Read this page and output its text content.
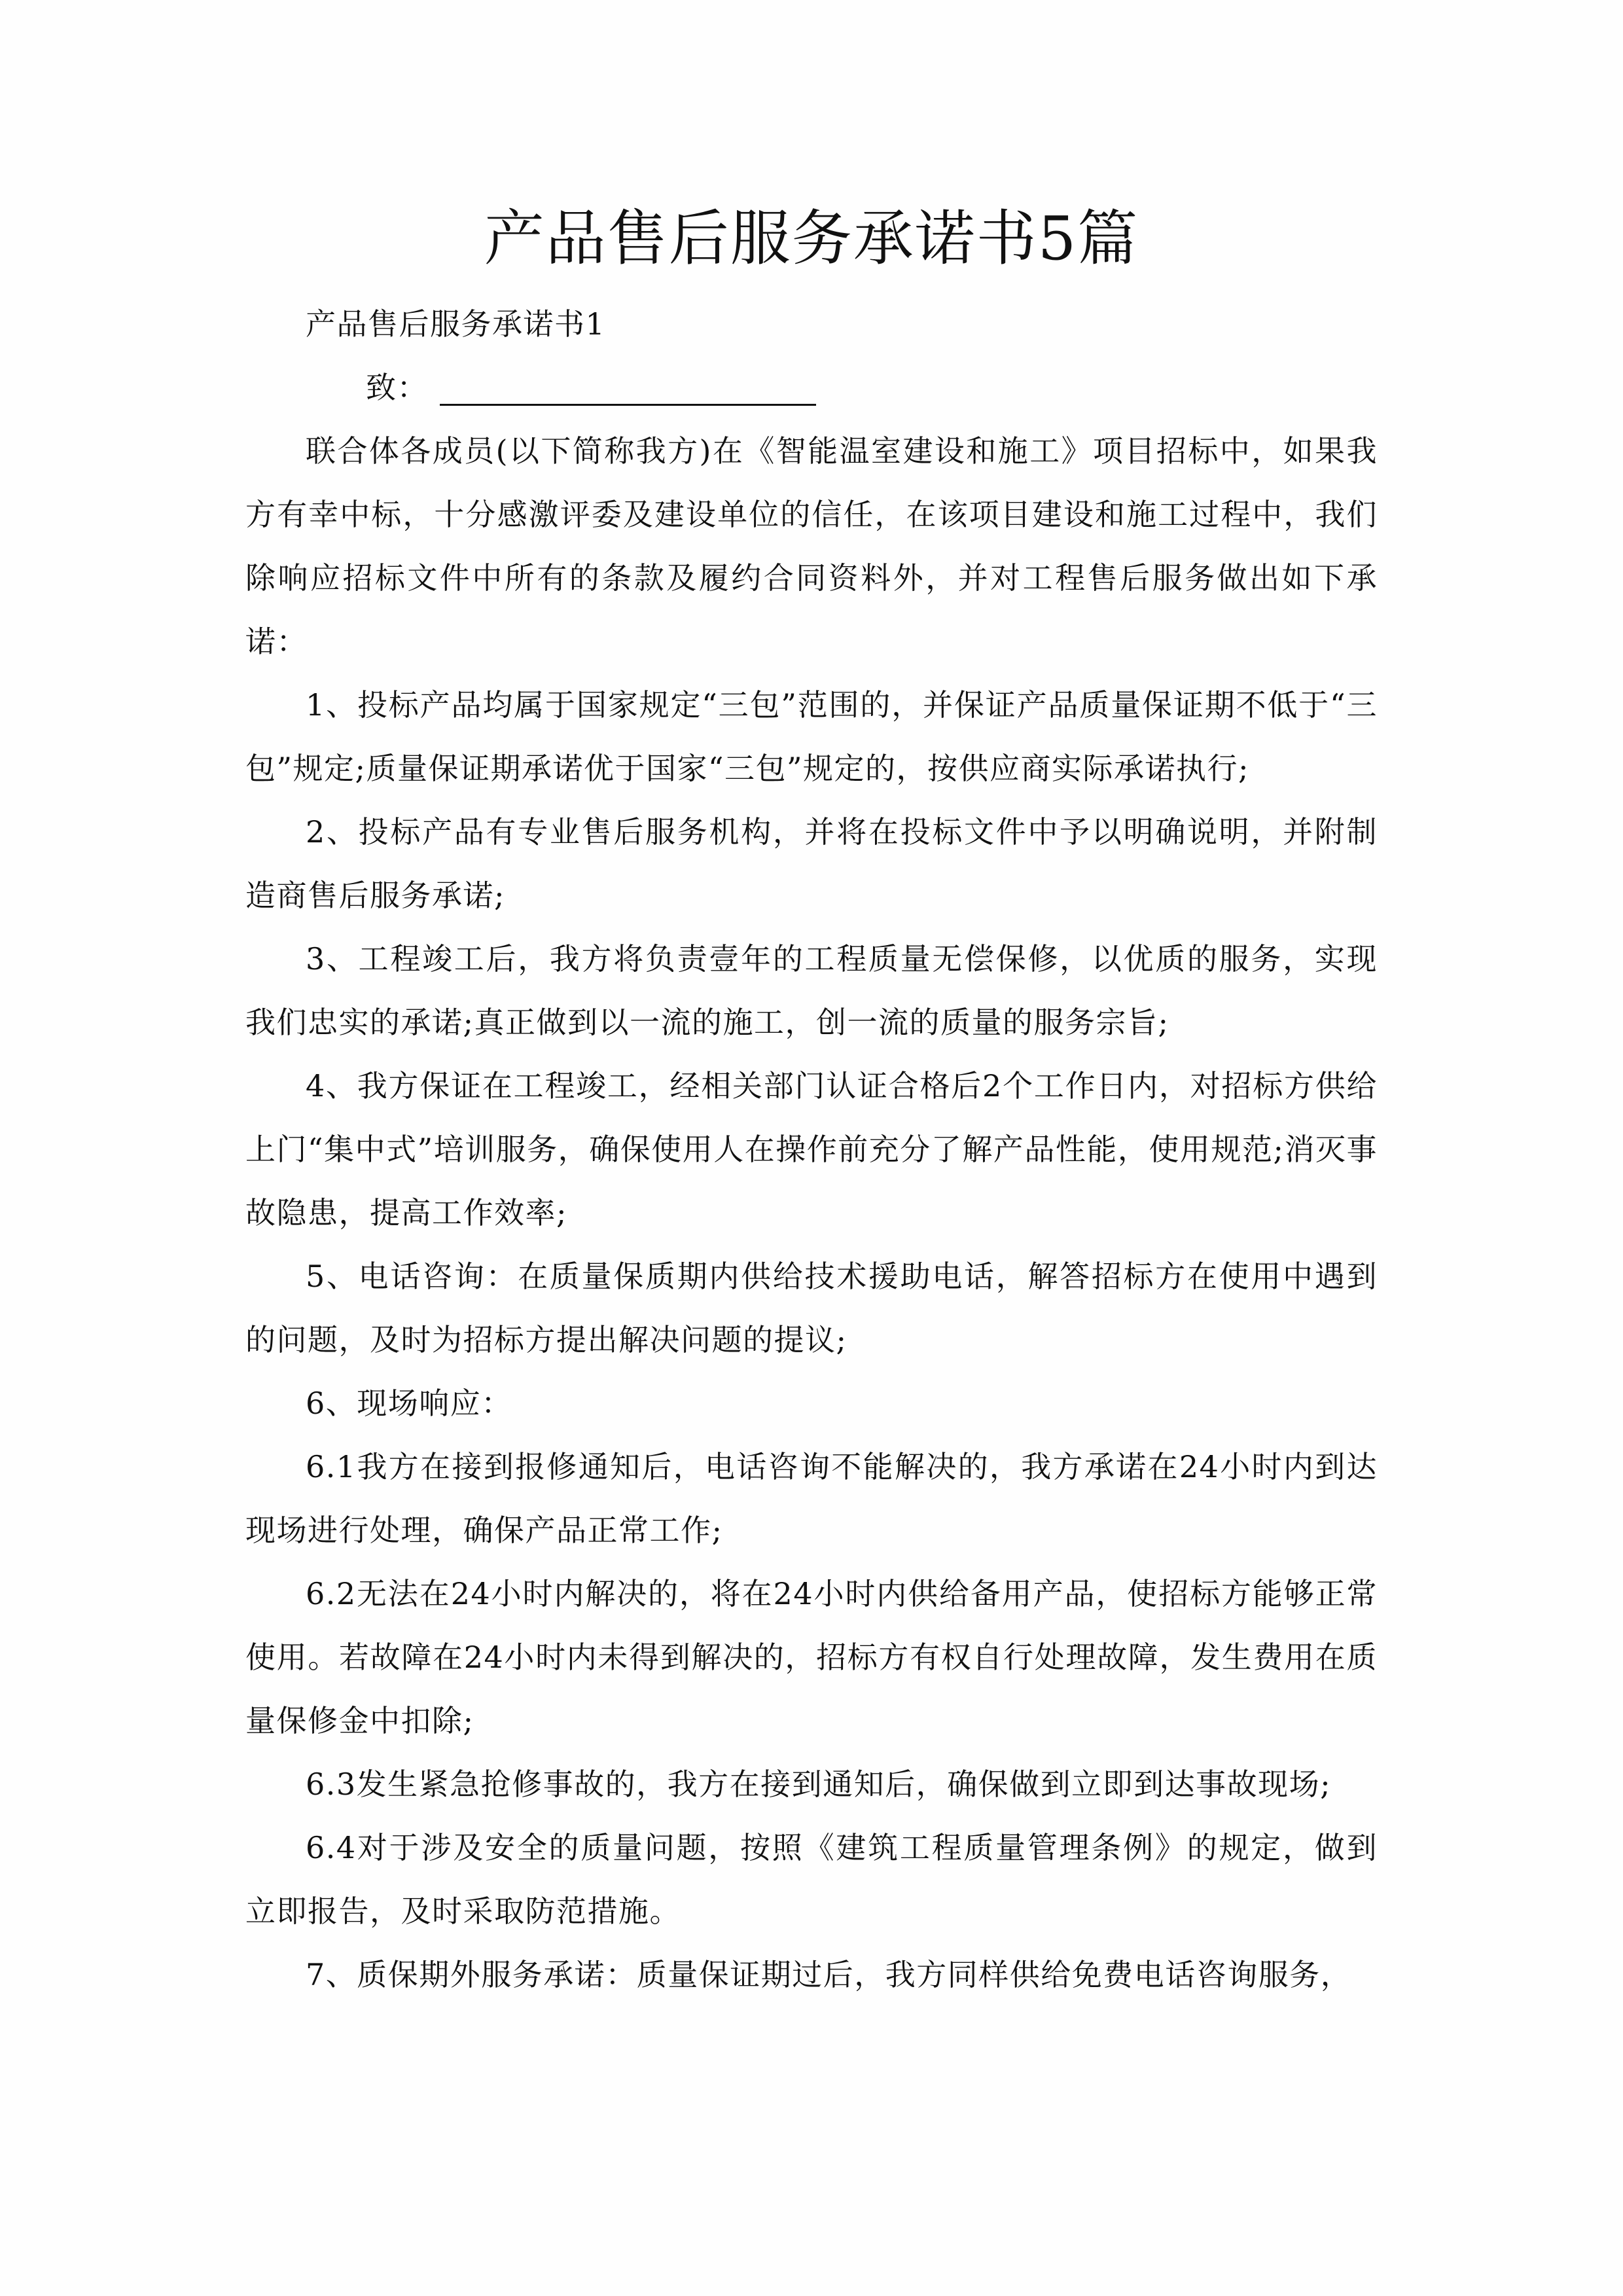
产品售后服务承诺书5篇

产品售后服务承诺书1

致：

联合体各成员(以下简称我方)在《智能温室建设和施工》项目招标中，如果我方有幸中标，十分感激评委及建设单位的信任，在该项目建设和施工过程中，我们除响应招标文件中所有的条款及履约合同资料外，并对工程售后服务做出如下承诺：

1、投标产品均属于国家规定“三包”范围的，并保证产品质量保证期不低于“三包”规定;质量保证期承诺优于国家“三包”规定的，按供应商实际承诺执行;

2、投标产品有专业售后服务机构，并将在投标文件中予以明确说明，并附制造商售后服务承诺;

3、工程竣工后，我方将负责壹年的工程质量无偿保修，以优质的服务，实现我们忠实的承诺;真正做到以一流的施工，创一流的质量的服务宗旨;

4、我方保证在工程竣工，经相关部门认证合格后2个工作日内，对招标方供给上门“集中式”培训服务，确保使用人在操作前充分了解产品性能，使用规范;消灭事故隐患，提高工作效率;

5、电话咨询：在质量保质期内供给技术援助电话，解答招标方在使用中遇到的问题，及时为招标方提出解决问题的提议;

6、现场响应：

6.1我方在接到报修通知后，电话咨询不能解决的，我方承诺在24小时内到达现场进行处理，确保产品正常工作;

6.2无法在24小时内解决的，将在24小时内供给备用产品，使招标方能够正常使用。若故障在24小时内未得到解决的，招标方有权自行处理故障，发生费用在质量保修金中扣除;

6.3发生紧急抢修事故的，我方在接到通知后，确保做到立即到达事故现场;

6.4对于涉及安全的质量问题，按照《建筑工程质量管理条例》的规定，做到立即报告，及时采取防范措施。

7、质保期外服务承诺：质量保证期过后，我方同样供给免费电话咨询服务，
